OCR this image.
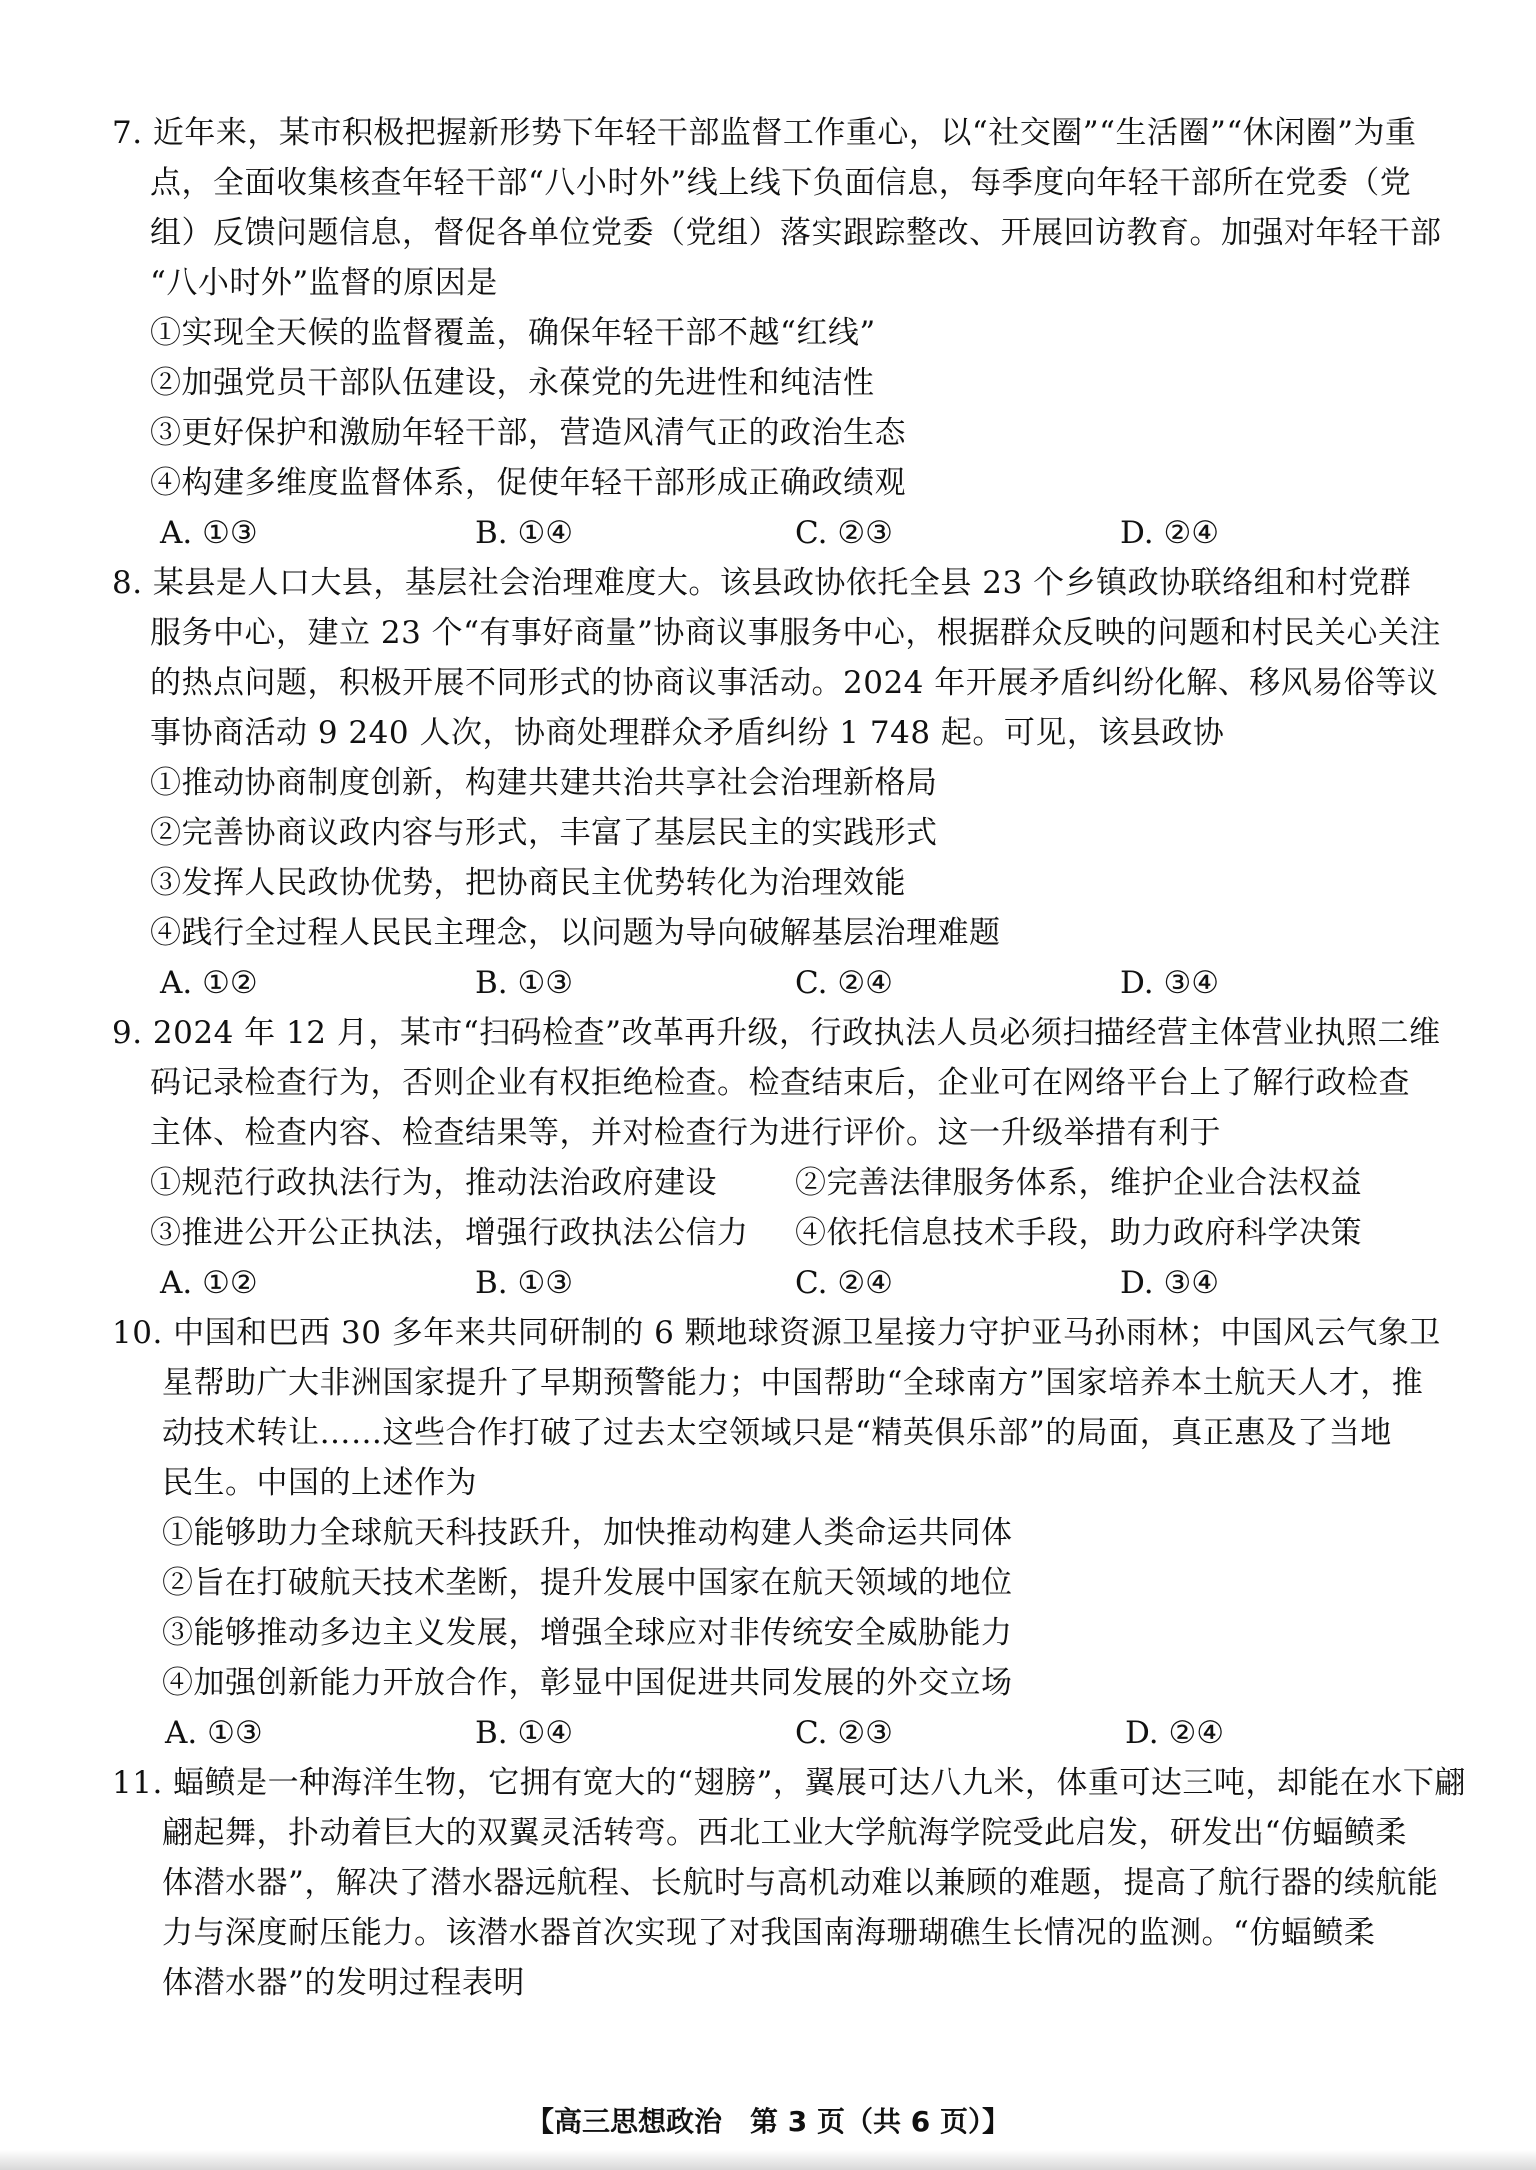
7. 近年来，某市积极把握新形势下年轻干部监督工作重心，以“社交圈”“生活圈”“休闲圈”为重
点，全面收集核查年轻干部“八小时外”线上线下负面信息，每季度向年轻干部所在党委（党
组）反馈问题信息，督促各单位党委（党组）落实跟踪整改、开展回访教育。加强对年轻干部
“八小时外”监督的原因是
①实现全天候的监督覆盖，确保年轻干部不越“红线”
②加强党员干部队伍建设，永葆党的先进性和纯洁性
③更好保护和激励年轻干部，营造风清气正的政治生态
④构建多维度监督体系，促使年轻干部形成正确政绩观
A. ①③	B. ①④	C. ②③	D. ②④
8. 某县是人口大县，基层社会治理难度大。该县政协依托全县 23 个乡镇政协联络组和村党群
服务中心，建立 23 个“有事好商量”协商议事服务中心，根据群众反映的问题和村民关心关注
的热点问题，积极开展不同形式的协商议事活动。2024 年开展矛盾纠纷化解、移风易俗等议
事协商活动 9 240 人次，协商处理群众矛盾纠纷 1 748 起。可见，该县政协
①推动协商制度创新，构建共建共治共享社会治理新格局
②完善协商议政内容与形式，丰富了基层民主的实践形式
③发挥人民政协优势，把协商民主优势转化为治理效能
④践行全过程人民民主理念，以问题为导向破解基层治理难题
A. ①②	B. ①③	C. ②④	D. ③④
9. 2024 年 12 月，某市“扫码检查”改革再升级，行政执法人员必须扫描经营主体营业执照二维
码记录检查行为，否则企业有权拒绝检查。检查结束后，企业可在网络平台上了解行政检查
主体、检查内容、检查结果等，并对检查行为进行评价。这一升级举措有利于
①规范行政执法行为，推动法治政府建设	②完善法律服务体系，维护企业合法权益
③推进公开公正执法，增强行政执法公信力 ④依托信息技术手段，助力政府科学决策
A. ①②	B. ①③	C. ②④	D. ③④
10. 中国和巴西 30 多年来共同研制的 6 颗地球资源卫星接力守护亚马孙雨林；中国风云气象卫
星帮助广大非洲国家提升了早期预警能力；中国帮助“全球南方”国家培养本土航天人才，推
动技术转让……这些合作打破了过去太空领域只是“精英俱乐部”的局面，真正惠及了当地
民生。中国的上述作为
①能够助力全球航天科技跃升，加快推动构建人类命运共同体
②旨在打破航天技术垄断，提升发展中国家在航天领域的地位
③能够推动多边主义发展，增强全球应对非传统安全威胁能力
④加强创新能力开放合作，彰显中国促进共同发展的外交立场
A. ①③	B. ①④	C. ②③	D. ②④
11. 蝠鲼是一种海洋生物，它拥有宽大的“翅膀”，翼展可达八九米，体重可达三吨，却能在水下翩
翩起舞，扑动着巨大的双翼灵活转弯。西北工业大学航海学院受此启发，研发出“仿蝠鲼柔
体潜水器”，解决了潜水器远航程、长航时与高机动难以兼顾的难题，提高了航行器的续航能
力与深度耐压能力。该潜水器首次实现了对我国南海珊瑚礁生长情况的监测。“仿蝠鲼柔
体潜水器”的发明过程表明
【高三思想政治　第 3 页（共 6 页）】
